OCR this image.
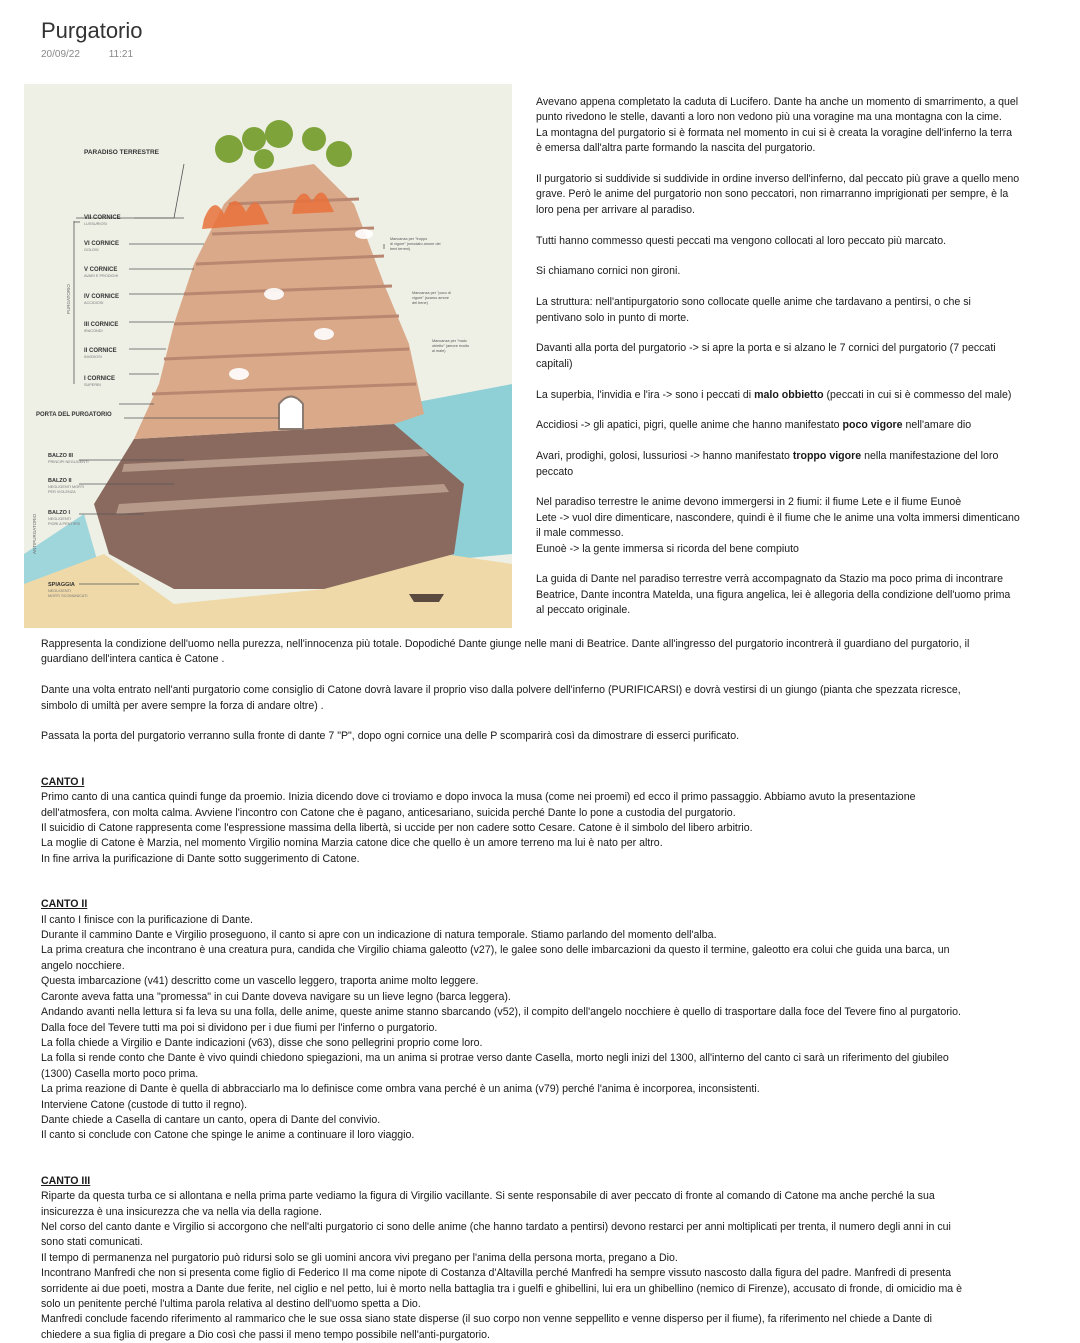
Purgatorio
20/09/22	11:21
PARADISO TERRESTRE
PURGATORIO
ANTIPURGATORIO
VII CORNICE
LUSSURIOSI
VI CORNICE
GOLOSI
V CORNICE
AVARI E PRODIGHI
IV CORNICE
ACCIDIOSI
III CORNICE
IRACONDI
II CORNICE
INVIDIOSI
I CORNICE
SUPERBI
PORTA DEL PURGATORIO
BALZO III
PRINCIPI NEGLIGENTI
BALZO II
NEGLIGENTI MORTI
PER VIOLENZA
BALZO I
NEGLIGENTI
PIGRI A PENTIRSI
SPIAGGIA
NEGLIGENTI
MORTI SCOMUNICATI
Mancanza per "troppo
di vigore" (smodato amore dei
beni terreni)
Mancanza per "poco di
vigore" (scarso amore
del bene)
Mancanza per "malo
obietto" (amore rivolto
al male)

Avevano appena completato la caduta di Lucifero. Dante ha anche un momento di smarrimento, a quel
punto rivedono le stelle, davanti a loro non vedono più una voragine ma una montagna con la cime.
La montagna del purgatorio si è formata nel momento in cui si è creata la voragine dell'inferno la terra
è emersa dall'altra parte formando la nascita del purgatorio.

Il purgatorio si suddivide si suddivide in ordine inverso dell'inferno, dal peccato più grave a quello meno
grave. Però le anime del purgatorio non sono peccatori, non rimarranno imprigionati per sempre, è la
loro pena per arrivare al paradiso.

Tutti hanno commesso questi peccati ma vengono collocati al loro peccato più marcato.

Si chiamano cornici non gironi.

La struttura: nell'antipurgatorio sono collocate quelle anime che tardavano a pentirsi, o che si
pentivano solo in punto di morte.

Davanti alla porta del purgatorio -> si apre la porta e si alzano le 7 cornici del purgatorio (7 peccati
capitali)

La superbia, l'invidia e l'ira -> sono i peccati di malo obbietto (peccati in cui si è commesso del male)

Accidiosi -> gli apatici, pigri, quelle anime che hanno manifestato poco vigore nell'amare dio

Avari, prodighi, golosi, lussuriosi -> hanno manifestato troppo vigore nella manifestazione del loro
peccato

Nel paradiso terrestre le anime devono immergersi in 2 fiumi: il fiume Lete e il fiume Eunoè
Lete -> vuol dire dimenticare, nascondere, quindi è il fiume che le anime una volta immersi dimenticano
il male commesso.
Eunoè -> la gente immersa si ricorda del bene compiuto

La guida di Dante nel paradiso terrestre verrà accompagnato da Stazio ma poco prima di incontrare
Beatrice, Dante incontra Matelda, una figura angelica, lei è allegoria della condizione dell'uomo prima
al peccato originale.

Rappresenta la condizione dell'uomo nella purezza, nell'innocenza più totale. Dopodiché Dante giunge nelle mani di Beatrice. Dante all'ingresso del purgatorio incontrerà il guardiano del purgatorio, il
guardiano dell'intera cantica è Catone .

Dante una volta entrato nell'anti purgatorio come consiglio di Catone dovrà lavare il proprio viso dalla polvere dell'inferno (PURIFICARSI) e dovrà vestirsi di un giungo (pianta che spezzata ricresce,
simbolo di umiltà per avere sempre la forza di andare oltre) .

Passata la porta del purgatorio verranno sulla fronte di dante 7 "P", dopo ogni cornice una delle P scomparirà così da dimostrare di esserci purificato.

CANTO I
Primo canto di una cantica quindi funge da proemio. Inizia dicendo dove ci troviamo e dopo invoca la musa (come nei proemi) ed ecco il primo passaggio. Abbiamo avuto la presentazione
dell'atmosfera, con molta calma. Avviene l'incontro con Catone che è pagano, anticesariano, suicida perché Dante lo pone a custodia del purgatorio.
Il suicidio di Catone rappresenta come l'espressione massima della libertà, si uccide per non cadere sotto Cesare. Catone è il simbolo del libero arbitrio.
La moglie di Catone è Marzia, nel momento Virgilio nomina Marzia catone dice che quello è un amore terreno ma lui è nato per altro.
In fine arriva la purificazione di Dante sotto suggerimento di Catone.
CANTO II
Il canto I finisce con la purificazione di Dante.
Durante il cammino Dante e Virgilio proseguono, il canto si apre con un indicazione di natura temporale. Stiamo parlando del momento dell'alba.
La prima creatura che incontrano è una creatura pura, candida che Virgilio chiama galeotto (v27), le galee sono delle imbarcazioni da questo il termine, galeotto era colui che guida una barca, un
angelo nocchiere.
Questa imbarcazione (v41) descritto come un vascello leggero, traporta anime molto leggere.
Caronte aveva fatta una "promessa" in cui Dante doveva navigare su un lieve legno (barca leggera).
Andando avanti nella lettura si fa leva su una folla, delle anime, queste anime stanno sbarcando (v52), il compito dell'angelo nocchiere è quello di trasportare dalla foce del Tevere fino al purgatorio.
Dalla foce del Tevere tutti ma poi si dividono per i due fiumi per l'inferno o purgatorio.
La folla chiede a Virgilio e Dante indicazioni (v63), disse che sono pellegrini proprio come loro.
La folla si rende conto che Dante è vivo quindi chiedono spiegazioni, ma un anima si protrae verso dante Casella, morto negli inizi del 1300, all'interno del canto ci sarà un riferimento del giubileo
(1300) Casella morto poco prima.
La prima reazione di Dante è quella di abbracciarlo ma lo definisce come ombra vana perché è un anima (v79) perché l'anima è incorporea, inconsistenti.
Interviene Catone (custode di tutto il regno).
Dante chiede a Casella di cantare un canto, opera di Dante del convivio.
Il canto si conclude con Catone che spinge le anime a continuare il loro viaggio.
CANTO III
Riparte da questa turba ce si allontana e nella prima parte vediamo la figura di Virgilio vacillante. Si sente responsabile di aver peccato di fronte al comando di Catone ma anche perché la sua
insicurezza è una insicurezza che va nella via della ragione.
Nel corso del canto dante e Virgilio si accorgono che nell'alti purgatorio ci sono delle anime (che hanno tardato a pentirsi) devono restarci per anni moltiplicati per trenta, il numero degli anni in cui
sono stati comunicati.
Il tempo di permanenza nel purgatorio può ridursi solo se gli uomini ancora vivi pregano per l'anima della persona morta, pregano a Dio.
Incontrano Manfredi che non si presenta come figlio di Federico II ma come nipote di Costanza d'Altavilla perché Manfredi ha sempre vissuto nascosto dalla figura del padre. Manfredi di presenta
sorridente ai due poeti, mostra a Dante due ferite, nel ciglio e nel petto, lui è morto nella battaglia tra i guelfi e ghibellini, lui era un ghibellino (nemico di Firenze), accusato di fronde, di omicidio ma è
solo un penitente perché l'ultima parola relativa al destino dell'uomo spetta a Dio.
Manfredi conclude facendo riferimento al rammarico che le sue ossa siano state disperse (il suo corpo non venne seppellito e venne disperso per il fiume), fa riferimento nel chiede a Dante di
chiedere a sua figlia di pregare a Dio così che passi il meno tempo possibile nell'anti-purgatorio.
